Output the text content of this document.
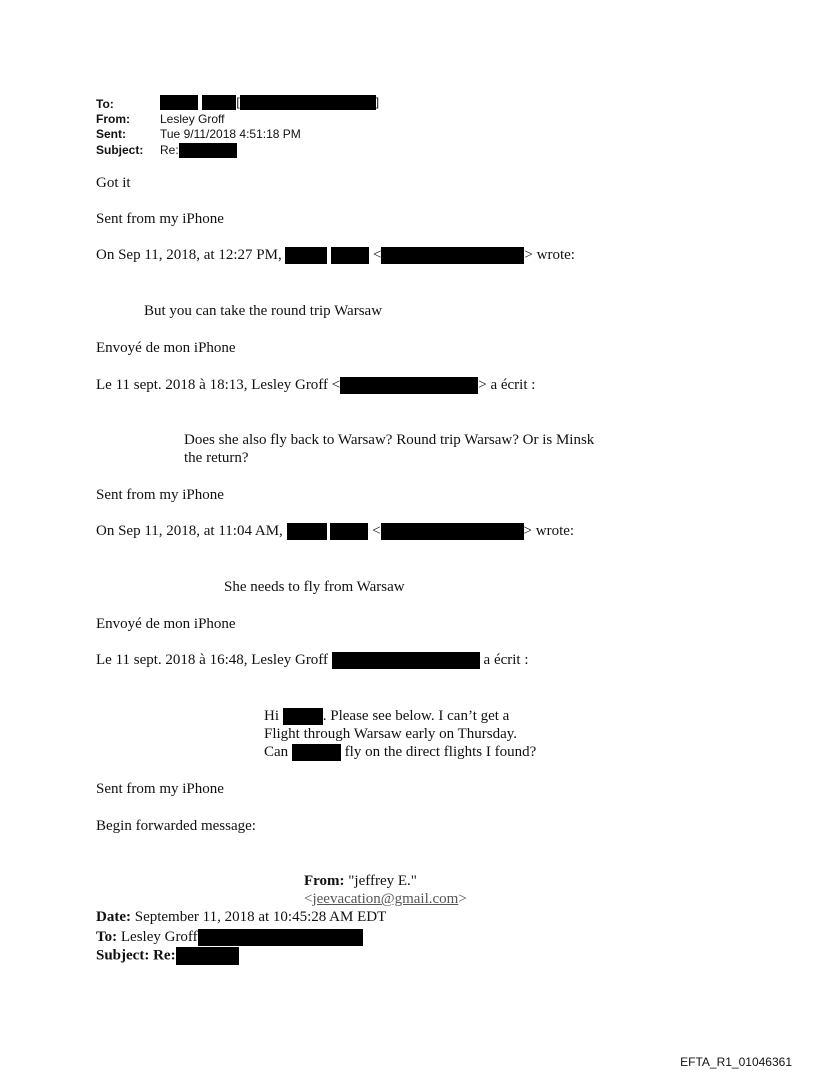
To:	[	]
From:	Lesley Groff
Sent:	Tue 9/11/2018 4:51:18 PM
Subject: Re:
Got it
Sent from my iPhone
On Sep 11, 2018, at 12:27 PM,	<	> wrote:
But you can take the round trip Warsaw
Envoyé de mon iPhone
Le 11 sept. 2018 à 18:13, Lesley Groff <	> a écrit :
Does she also fly back to Warsaw? Round trip Warsaw? Or is Minsk
the return?
Sent from my iPhone
On Sep 11, 2018, at 11:04 AM,	<	> wrote:
She needs to fly from Warsaw
Envoyé de mon iPhone
Le 11 sept. 2018 à 16:48, Lesley Groff	a écrit :
Hi	. Please see below. I can’t get a
Flight through Warsaw early on Thursday.
Can	fly on the direct flights I found?
Sent from my iPhone
Begin forwarded message:
From: "jeffrey E."
<jeevacation@gmail.com>
Date: September 11, 2018 at 10:45:28 AM EDT
To: Lesley Groff
Subject: Re:
EFTA_R1_01046361
